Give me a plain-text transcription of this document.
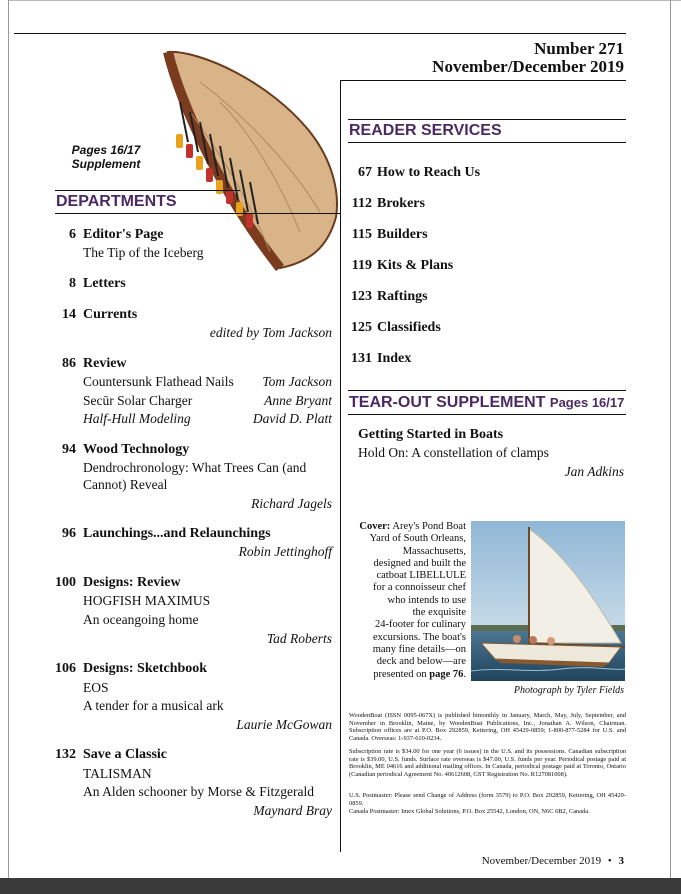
Number 271
November/December 2019
Pages 16/17
Supplement
DEPARTMENTS
6 Editor's Page
The Tip of the Iceberg
8 Letters
14 Currents
edited by Tom Jackson
86 Review
Countersunk Flathead Nails Tom Jackson
Secūr Solar Charger	Anne Bryant
Half-Hull Modeling	David D. Platt
94 Wood Technology
Dendrochronology: What Trees Can (and
Cannot) Reveal
Richard Jagels
96 Launchings...and Relaunchings
Robin Jettinghoff
100 Designs: Review
HOGFISH MAXIMUS
An oceangoing home
Tad Roberts
106 Designs: Sketchbook
EOS
A tender for a musical ark
Laurie McGowan
132 Save a Classic
TALISMAN
An Alden schooner by Morse & Fitzgerald
Maynard Bray
READER SERVICES
67 How to Reach Us
112 Brokers
115 Builders
119 Kits & Plans
123 Raftings
125 Classifieds
131 Index
TEAR-OUT SUPPLEMENT Pages 16/17
Getting Started in Boats
Hold On: A constellation of clamps
Jan Adkins
Cover: Arey's Pond Boat
Yard of South Orleans,
Massachusetts,
designed and built the
catboat LIBELLULE
for a connoisseur chef
who intends to use
the exquisite
24-footer for culinary
excursions. The boat's
many fine details—on
deck and below—are
presented on page 76.
Photograph by Tyler Fields
WoodenBoat (ISSN 0095-067X) is published bimonthly in January, March, May, July, September, and November in Brooklin, Maine, by WoodenBoat Publications, Inc., Jonathan A. Wilson, Chairman. Subscription offices are at P.O. Box 292859, Kettering, OH 45429-0859; 1-800-877-5284 for U.S. and Canada. Overseas: 1-937-610-0234.
Subscription rate is $34.00 for one year (6 issues) in the U.S. and its possessions. Canadian subscription rate is $39.00, U.S. funds. Surface rate overseas is $47.00, U.S. funds per year. Periodical postage paid at Brooklin, ME 04616 and additional mailing offices. In Canada, periodical postage paid at Toronto, Ontario (Canadian periodical Agreement No. 40612608, GST Registration No. R127081008).
U.S. Postmaster: Please send Change of Address (form 3579) to P.O. Box 292859, Kettering, OH 45429-0859.
Canada Postmaster: Imex Global Solutions, P.O. Box 25542, London, ON, N6C 6B2, Canada.
November/December 2019 • 3
